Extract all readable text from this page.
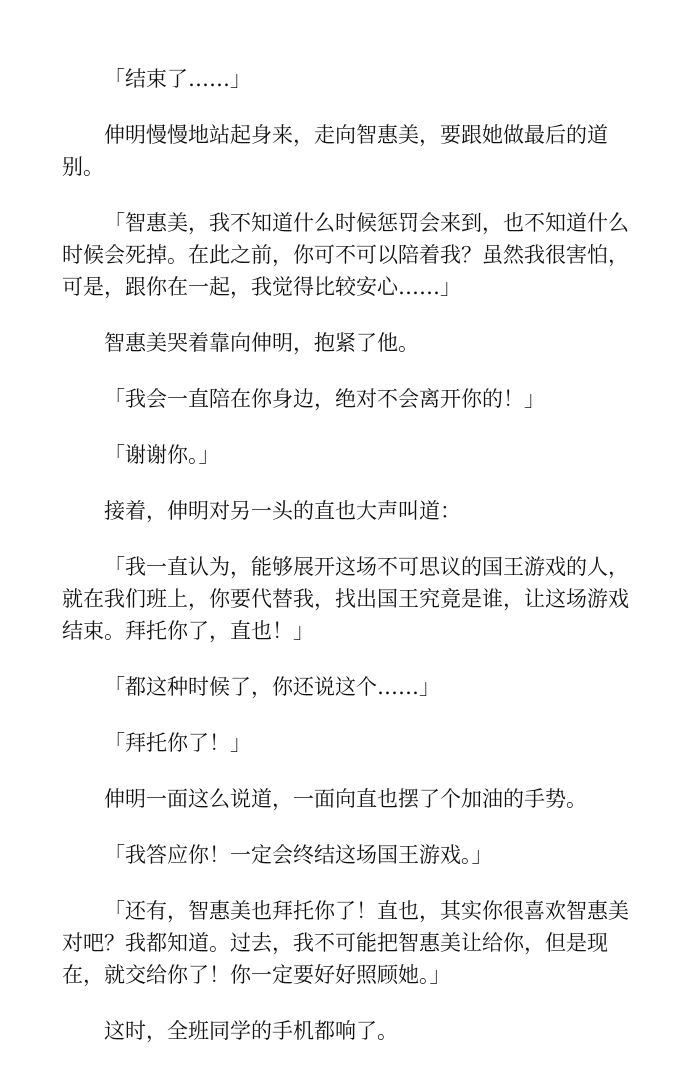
「结束了……」

伸明慢慢地站起身来，走向智惠美，要跟她做最后的道别。

「智惠美，我不知道什么时候惩罚会来到，也不知道什么时候会死掉。在此之前，你可不可以陪着我？虽然我很害怕，可是，跟你在一起，我觉得比较安心……」

智惠美哭着靠向伸明，抱紧了他。

「我会一直陪在你身边，绝对不会离开你的！」

「谢谢你。」

接着，伸明对另一头的直也大声叫道：

「我一直认为，能够展开这场不可思议的国王游戏的人，就在我们班上，你要代替我，找出国王究竟是谁，让这场游戏结束。拜托你了，直也！」

「都这种时候了，你还说这个……」

「拜托你了！」

伸明一面这么说道，一面向直也摆了个加油的手势。

「我答应你！一定会终结这场国王游戏。」

「还有，智惠美也拜托你了！直也，其实你很喜欢智惠美对吧？我都知道。过去，我不可能把智惠美让给你，但是现在，就交给你了！你一定要好好照顾她。」

这时，全班同学的手机都响了。
